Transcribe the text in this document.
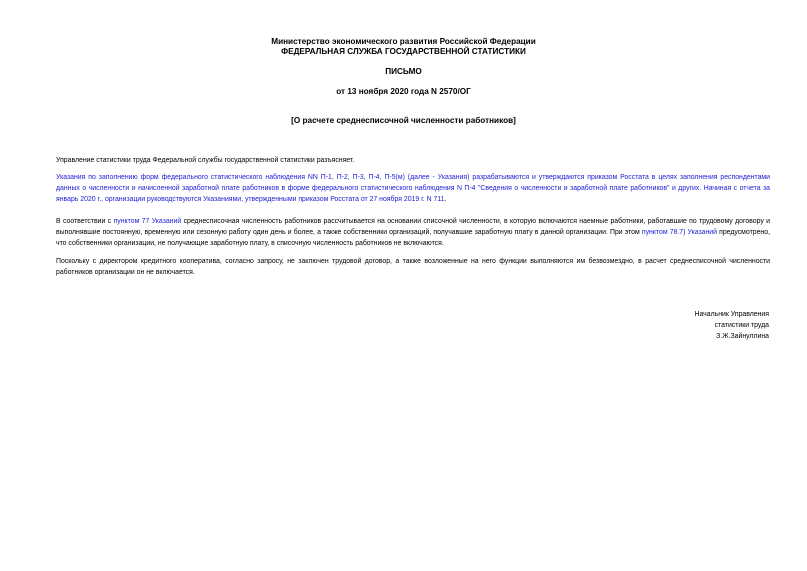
Министерство экономического развития Российской Федерации
ФЕДЕРАЛЬНАЯ СЛУЖБА ГОСУДАРСТВЕННОЙ СТАТИСТИКИ
ПИСЬМО
от 13 ноября 2020 года N 2570/ОГ
[О расчете среднесписочной численности работников]
Управление статистики труда Федеральной службы государственной статистики разъясняет.
Указания по заполнению форм федерального статистического наблюдения NN П-1, П-2, П-3, П-4, П-5(м) (далее - Указания) разрабатываются и утверждаются приказом Росстата в целях заполнения респондентами данных о численности и начисленной заработной плате работников в форме федерального статистического наблюдения N П-4 "Сведения о численности и заработной плате работников" и других. Начиная с отчета за январь 2020 г., организации руководствуются Указаниями, утвержденными приказом Росстата от 27 ноября 2019 г. N 711.
В соответствии с пунктом 77 Указаний среднесписочная численность работников рассчитывается на основании списочной численности, в которую включаются наемные работники, работавшие по трудовому договору и выполнявшие постоянную, временную или сезонную работу один день и более, а также собственники организаций, получавшие заработную плату в данной организации. При этом пунктом 78.7) Указаний предусмотрено, что собственники организации, не получающие заработную плату, в списочную численность работников не включаются.
Поскольку с директором кредитного кооператива, согласно запросу, не заключен трудовой договор, а также возложенные на него функции выполняются им безвозмездно, в расчет среднесписочной численности работников организации он не включается.
Начальник Управления
статистики труда
З.Ж.Зайнуллина
